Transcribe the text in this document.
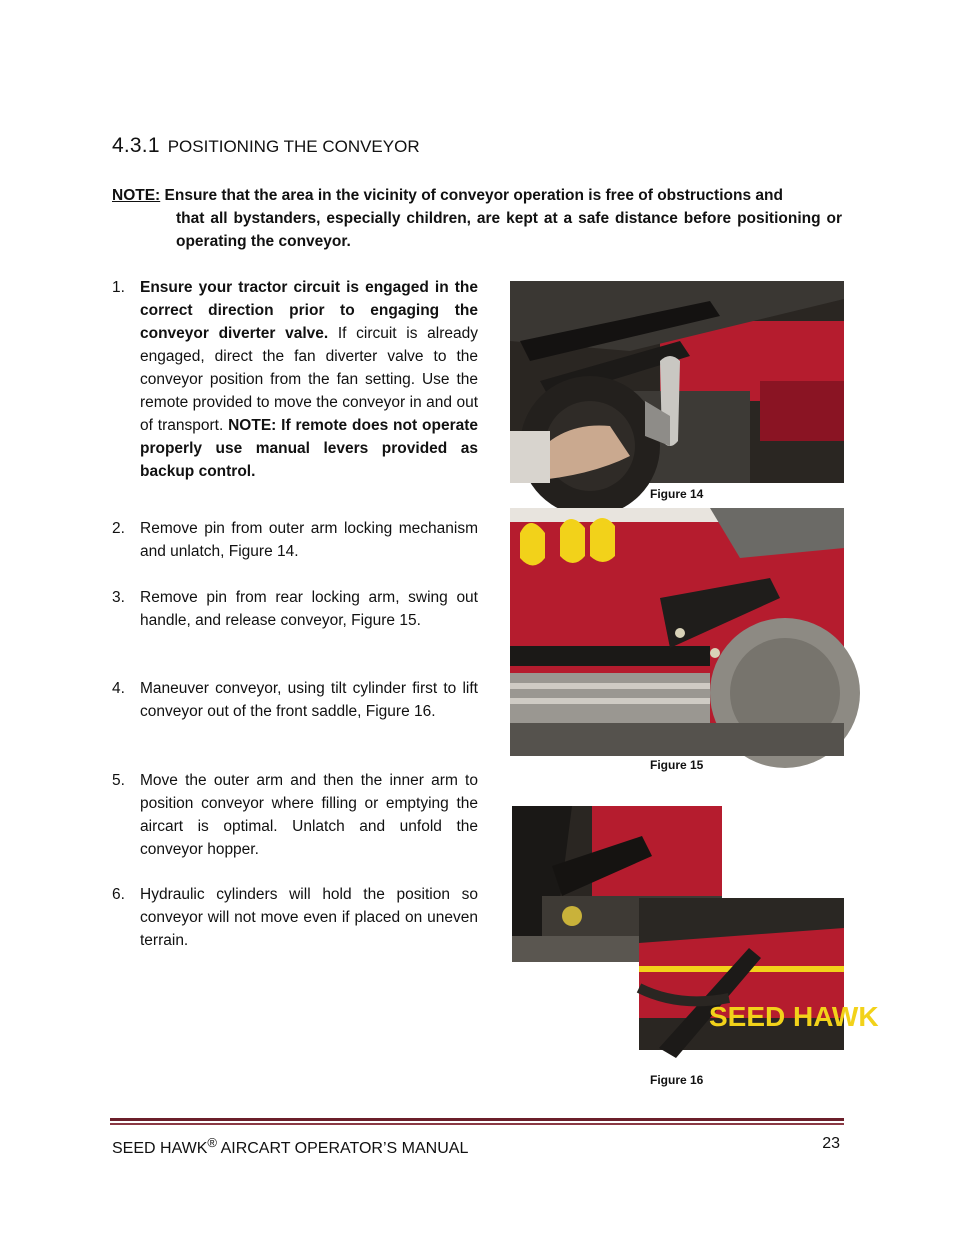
4.3.1 POSITIONING THE CONVEYOR
NOTE: Ensure that the area in the vicinity of conveyor operation is free of obstructions and
that all bystanders, especially children, are kept at a safe distance before positioning or operating the conveyor.
1. Ensure your tractor circuit is engaged in the correct direction prior to engaging the conveyor diverter valve. If circuit is already engaged, direct the fan diverter valve to the conveyor position from the fan setting. Use the remote provided to move the conveyor in and out of transport. NOTE: If remote does not operate properly use manual levers provided as backup control.
2. Remove pin from outer arm locking mechanism and unlatch, Figure 14.
3. Remove pin from rear locking arm, swing out handle, and release conveyor, Figure 15.
4. Maneuver conveyor, using tilt cylinder first to lift conveyor out of the front saddle, Figure 16.
5. Move the outer arm and then the inner arm to position conveyor where filling or emptying the aircart is optimal. Unlatch and unfold the conveyor hopper.
6. Hydraulic cylinders will hold the position so conveyor will not move even if placed on uneven terrain.
Figure 14
Figure 15
SEED HAWK
Figure 16
SEED HAWK® AIRCART OPERATOR’S MANUAL	23
